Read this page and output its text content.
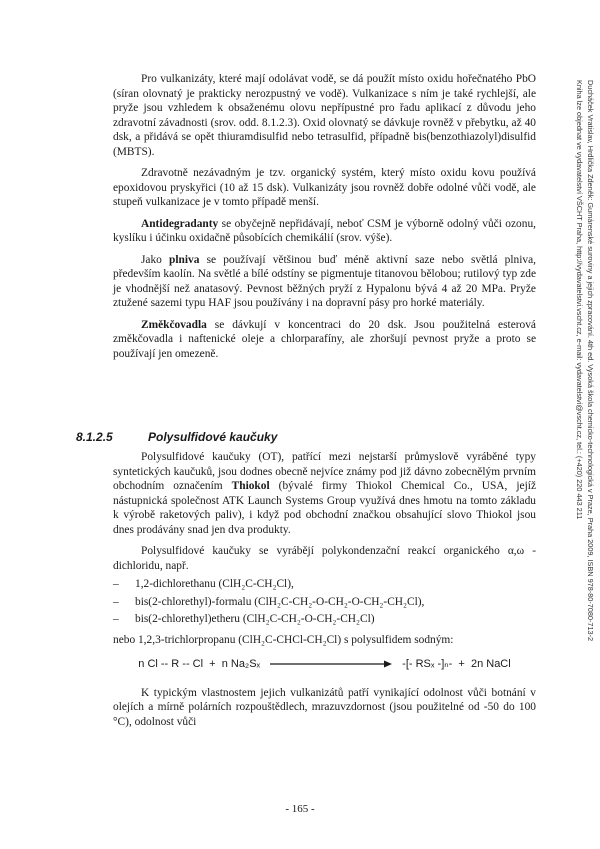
Pro vulkanizáty, které mají odolávat vodě, se dá použít místo oxidu hořečnatého PbO (síran olovnatý je prakticky nerozpustný ve vodě). Vulkanizace s ním je také rychlejší, ale pryže jsou vzhledem k obsaženému olovu nepřípustné pro řadu aplikací z důvodu jeho zdravotní závadnosti (srov. odd. 8.1.2.3). Oxid olovnatý se dávkuje rovněž v přebytku, až 40 dsk, a přidává se opět thiuramdisulfid nebo tetrasulfid, případně bis(benzothiazolyl)disulfid (MBTS).

Zdravotně nezávadným je tzv. organický systém, který místo oxidu kovu používá epoxidovou pryskyřici (10 až 15 dsk). Vulkanizáty jsou rovněž dobře odolné vůči vodě, ale stupeň vulkanizace je v tomto případě menší.

Antidegradanty se obyčejně nepřidávají, neboť CSM je výborně odolný vůči ozonu, kyslíku i účinku oxidačně působících chemikálií (srov. výše).

Jako plniva se používají většinou buď méně aktivní saze nebo světlá plniva, především kaolín. Na světlé a bílé odstíny se pigmentuje titanovou bělobou; rutilový typ zde je vhodnější než anatasový. Pevnost běžných pryží z Hypalonu bývá 4 až 20 MPa. Pryže ztužené sazemi typu HAF jsou používány i na dopravní pásy pro horké materiály.

Změkčovadla se dávkují v koncentraci do 20 dsk. Jsou použitelná esterová změkčovadla i naftenické oleje a chlorparafíny, ale zhoršují pevnost pryže a proto se používají jen omezeně.

8.1.2.5	Polysulfidové kaučuky

Polysulfidové kaučuky (OT), patřící mezi nejstarší průmyslově vyráběné typy syntetických kaučuků, jsou dodnes obecně nejvíce známy pod již dávno zobecnělým prvním obchodním označením Thiokol (bývalé firmy Thiokol Chemical Co., USA, jejíž nástupnická společnost ATK Launch Systems Group využívá dnes hmotu na tomto základu k výrobě raketových paliv), i když pod obchodní značkou obsahující slovo Thiokol jsou dnes prodávány snad jen dva produkty.

Polysulfidové kaučuky se vyrábějí polykondenzační reakcí organického α,ω -dichloridu, např.

–	1,2-dichlorethanu (ClH₂C-CH₂Cl),
–	bis(2-chlorethyl)-formalu (ClH₂C-CH₂-O-CH₂-O-CH₂-CH₂Cl),
–	bis(2-chlorethyl)etheru (ClH₂C-CH₂-O-CH₂-CH₂Cl)

nebo 1,2,3-trichlorpropanu (ClH₂C-CHCl-CH₂Cl) s polysulfidem sodným:

n Cl -- R -- Cl  +  n Na₂Sₓ	-[- RSₓ -]ₙ-  +  2n NaCl

K typickým vlastnostem jejich vulkanizátů patří vynikající odolnost vůči botnání v olejích a mírně polárních rozpouštědlech, mrazuvzdornost (jsou použitelné od -50 do 100 °C), odolnost vůči

- 165 -
Ducháček Vratislav, Hrdlička Zdeněk: Gumárenské suroviny a jejich zpracování. 4th ed. Vysoká škola chemicko-technologická v Praze, Praha 2009, ISBN 978-80-7080-713-2
Kniha lze objednat ve vydavatelství VŠCHT Praha, http://vydavatelstvi.vscht.cz, e-mail: vydavatelstvi@vscht.cz, tel.: (+420) 220 443 211
